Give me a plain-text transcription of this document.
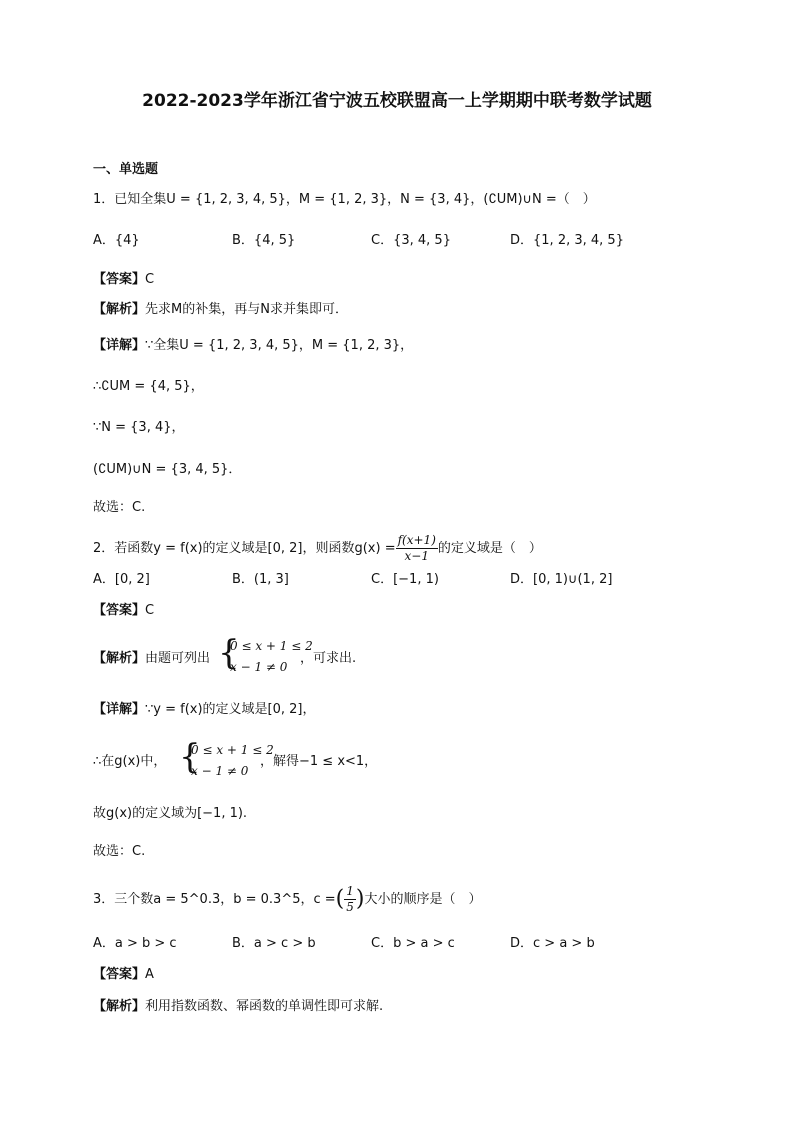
2022-2023学年浙江省宁波五校联盟高一上学期期中联考数学试题
一、单选题
1．已知全集U = {1, 2, 3, 4, 5}，M = {1, 2, 3}，N = {3, 4}，(∁UM)∪N =（　）
A．{4}	B．{4, 5}	C．{3, 4, 5}	D．{1, 2, 3, 4, 5}
【答案】C
【解析】先求M的补集，再与N求并集即可．
【详解】∵全集U = {1, 2, 3, 4, 5}，M = {1, 2, 3}，
∴∁UM = {4, 5}，
∵N = {3, 4}，
(∁UM)∪N = {3, 4, 5}．
故选：C.
2．若函数y = f(x)的定义域是[0, 2]，则函数$g(x) = \frac{f(x+1)}{x-1}$ 的定义域是（　）
A．[0, 2]	B．(1, 3]	C．[−1, 1)	D．[0, 1)∪(1, 2]
【答案】C
【解析】由题可列出 {
0 ≤ x + 1 ≤ 2
x − 1 ≠ 0
，可求出.
【详解】∵y = f(x)的定义域是[0, 2]，
∴在g(x)中， {
0 ≤ x + 1 ≤ 2
x − 1 ≠ 0
，解得−1 ≤ x<1，
故g(x)的定义域为[−1, 1).
故选：C.
3．三个数a = 5^0.3，b = 0.3^5，c =( $\frac{1}{5}$ )大小的顺序是（　）
A．a > b > c	B．a > c > b	C．b > a > c	D．c > a > b
【答案】A
【解析】利用指数函数、幂函数的单调性即可求解.
